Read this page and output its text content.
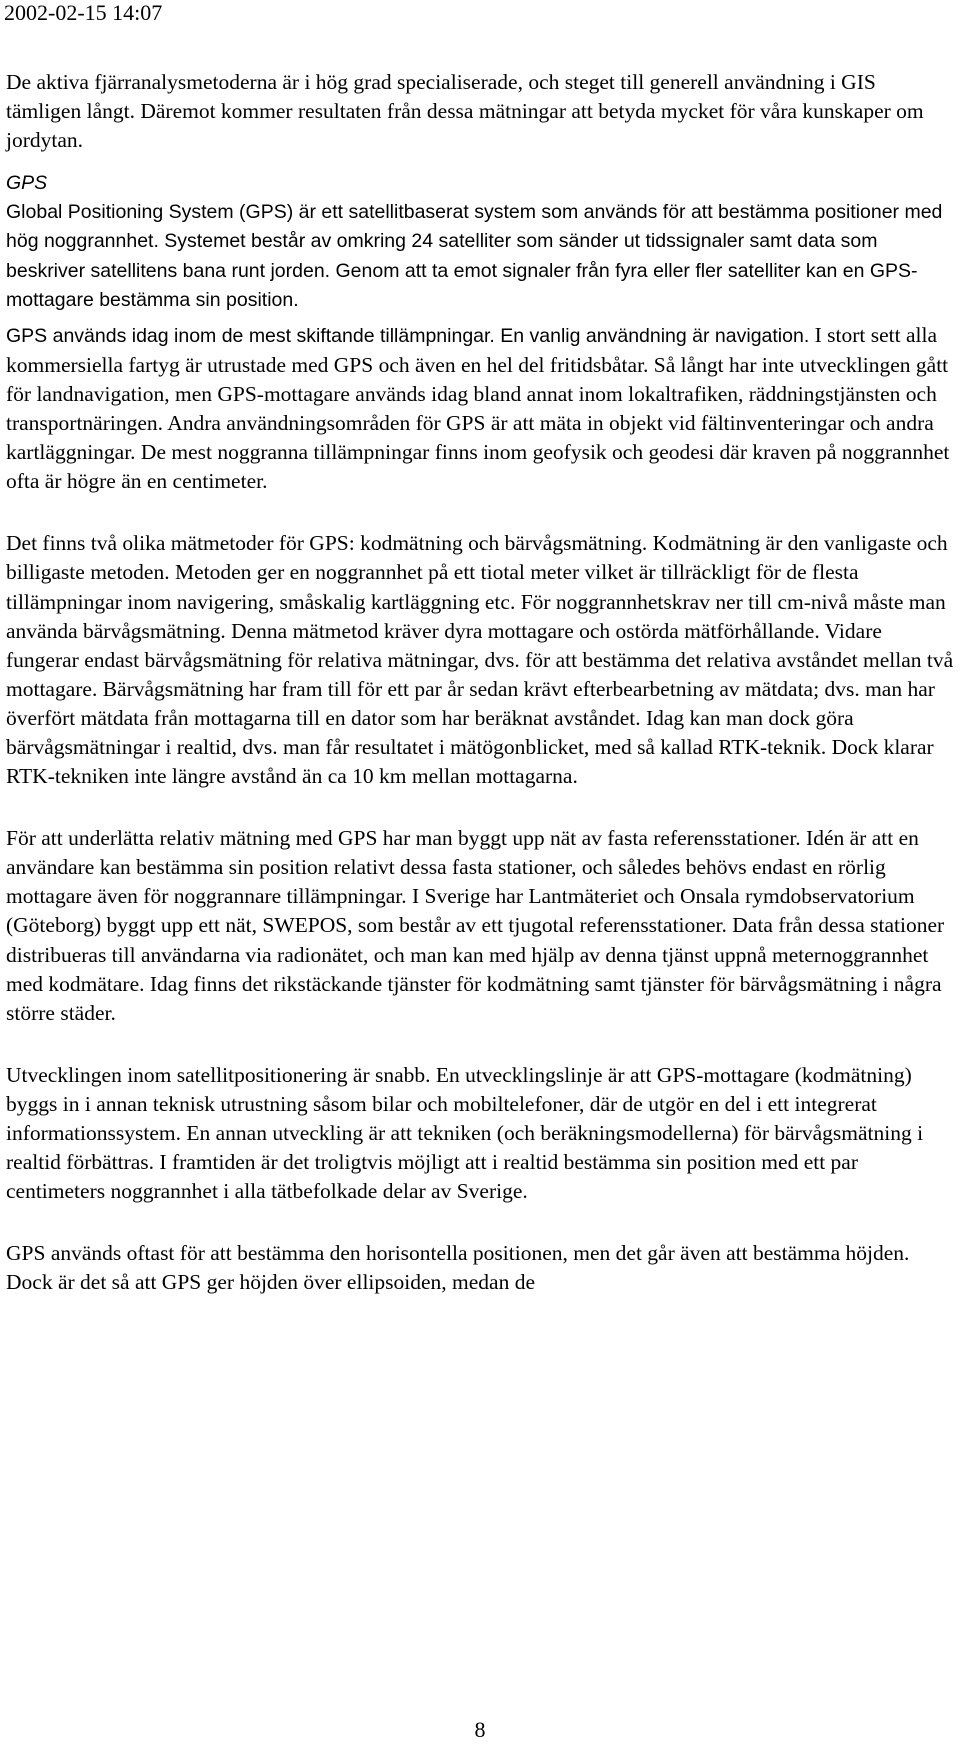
2002-02-15 14:07

De aktiva fjärranalysmetoderna är i hög grad specialiserade, och steget till generell användning i GIS tämligen långt. Däremot kommer resultaten från dessa mätningar att betyda mycket för våra kunskaper om jordytan.

GPS

Global Positioning System (GPS) är ett satellitbaserat system som används för att bestämma positioner med hög noggrannhet. Systemet består av omkring 24 satelliter som sänder ut tidssignaler samt data som beskriver satellitens bana runt jorden. Genom att ta emot signaler från fyra eller fler satelliter kan en GPS-mottagare bestämma sin position.

GPS används idag inom de mest skiftande tillämpningar. En vanlig användning är navigation. I stort sett alla kommersiella fartyg är utrustade med GPS och även en hel del fritidsbåtar. Så långt har inte utvecklingen gått för landnavigation, men GPS-mottagare används idag bland annat inom lokaltrafiken, räddningstjänsten och transportnäringen. Andra användningsområden för GPS är att mäta in objekt vid fältinventeringar och andra kartläggningar. De mest noggranna tillämpningar finns inom geofysik och geodesi där kraven på noggrannhet ofta är högre än en centimeter.

Det finns två olika mätmetoder för GPS: kodmätning och bärvågsmätning. Kodmätning är den vanligaste och billigaste metoden. Metoden ger en noggrannhet på ett tiotal meter vilket är tillräckligt för de flesta tillämpningar inom navigering, småskalig kartläggning etc. För noggrannhetskrav ner till cm-nivå måste man använda bärvågsmätning. Denna mätmetod kräver dyra mottagare och ostörda mätförhållande. Vidare fungerar endast bärvågsmätning för relativa mätningar, dvs. för att bestämma det relativa avståndet mellan två mottagare. Bärvågsmätning har fram till för ett par år sedan krävt efterbearbetning av mätdata; dvs. man har överfört mätdata från mottagarna till en dator som har beräknat avståndet. Idag kan man dock göra bärvågsmätningar i realtid, dvs. man får resultatet i mätögonblicket, med så kallad RTK-teknik. Dock klarar RTK-tekniken inte längre avstånd än ca 10 km mellan mottagarna.

För att underlätta relativ mätning med GPS har man byggt upp nät av fasta referensstationer. Idén är att en användare kan bestämma sin position relativt dessa fasta stationer, och således behövs endast en rörlig mottagare även för noggrannare tillämpningar. I Sverige har Lantmäteriet och Onsala rymdobservatorium (Göteborg) byggt upp ett nät, SWEPOS, som består av ett tjugotal referensstationer. Data från dessa stationer distribueras till användarna via radionätet, och man kan med hjälp av denna tjänst uppnå meternoggrannhet med kodmätare. Idag finns det rikstäckande tjänster för kodmätning samt tjänster för bärvågsmätning i några större städer.

Utvecklingen inom satellitpositionering är snabb. En utvecklingslinje är att GPS-mottagare (kodmätning) byggs in i annan teknisk utrustning såsom bilar och mobiltelefoner, där de utgör en del i ett integrerat informationssystem. En annan utveckling är att tekniken (och beräkningsmodellerna) för bärvågsmätning i realtid förbättras. I framtiden är det troligtvis möjligt att i realtid bestämma sin position med ett par centimeters noggrannhet i alla tätbefolkade delar av Sverige.

GPS används oftast för att bestämma den horisontella positionen, men det går även att bestämma höjden. Dock är det så att GPS ger höjden över ellipsoiden, medan de

8
